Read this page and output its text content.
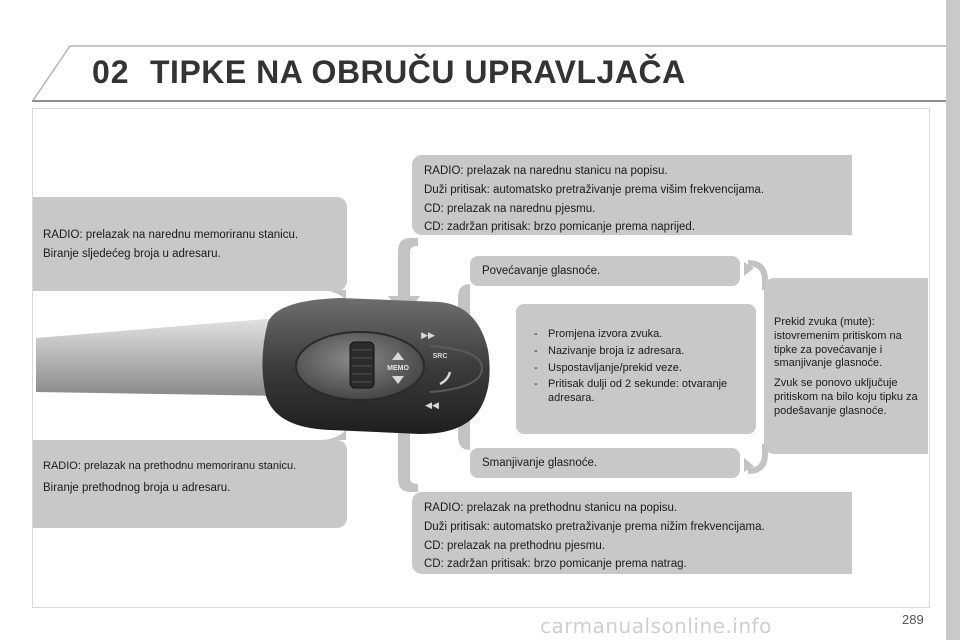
02 TIPKE NA OBRUČU UPRAVLJAČA
MEMO
SRC
▶▶
◀◀

RADIO: prelazak na narednu stanicu na popisu.

Duži pritisak: automatsko pretraživanje prema višim frekvencijama.

CD: prelazak na narednu pjesmu.

CD: zadržan pritisak: brzo pomicanje prema naprijed.

RADIO: prelazak na narednu memoriranu stanicu.

Biranje sljedećeg broja u adresaru.

Povećavanje glasnoće.

- Promjena izvora zvuka.
- Nazivanje broja iz adresara.
- Uspostavljanje/prekid veze.
- Pritisak dulji od 2 sekunde: otvaranje adresara.

Prekid zvuka (mute): istovremenim pritiskom na tipke za povećavanje i smanjivanje glasnoće.

Zvuk se ponovo uključuje pritiskom na bilo koju tipku za podešavanje glasnoće.

Smanjivanje glasnoće.

RADIO: prelazak na prethodnu memoriranu stanicu.

Biranje prethodnog broja u adresaru.

RADIO: prelazak na prethodnu stanicu na popisu.

Duži pritisak: automatsko pretraživanje prema nižim frekvencijama.

CD: prelazak na prethodnu pjesmu.

CD: zadržan pritisak: brzo pomicanje prema natrag.

carmanualsonline.info	289
